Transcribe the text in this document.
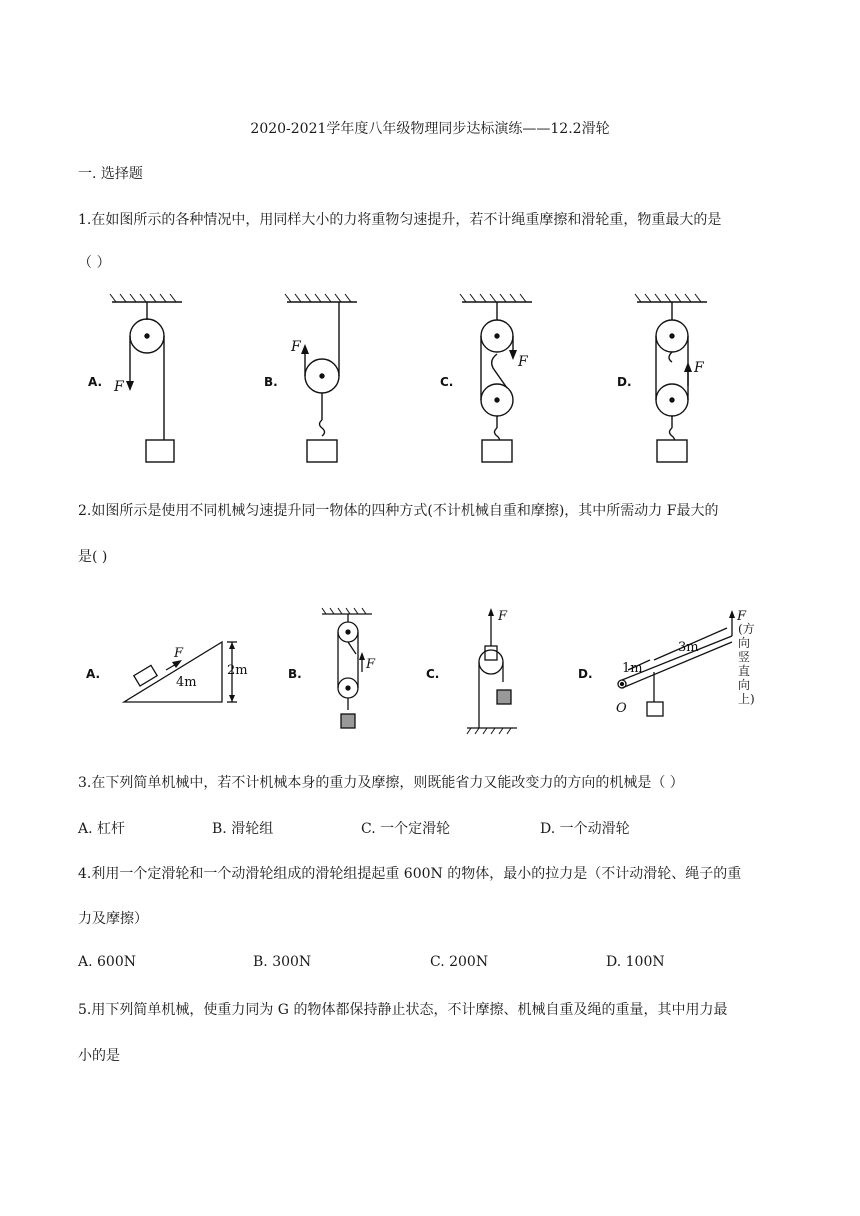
2020-2021学年度八年级物理同步达标演练——12.2滑轮
一. 选择题
1.在如图所示的各种情况中，用同样大小的力将重物匀速提升，若不计绳重摩擦和滑轮重，物重最大的是
（ ）
F
F
F	F
A.	B.	C.	D.
2.如图所示是使用不同机械匀速提升同一物体的四种方式(不计机械自重和摩擦)，其中所需动力 F最大的
是( )
F
4m
2m	F
F	F
1m
3m
O
A.	B.	C.	D.
(方向竖直向上)
3.在下列简单机械中，若不计机械本身的重力及摩擦，则既能省力又能改变力的方向的机械是（ ）
A. 杠杆	B. 滑轮组	C. 一个定滑轮	D. 一个动滑轮
4.利用一个定滑轮和一个动滑轮组成的滑轮组提起重 600N 的物体，最小的拉力是（不计动滑轮、绳子的重
力及摩擦）
A. 600N	B. 300N	C. 200N	D. 100N
5.用下列简单机械，使重力同为 G 的物体都保持静止状态，不计摩擦、机械自重及绳的重量，其中用力最
小的是
